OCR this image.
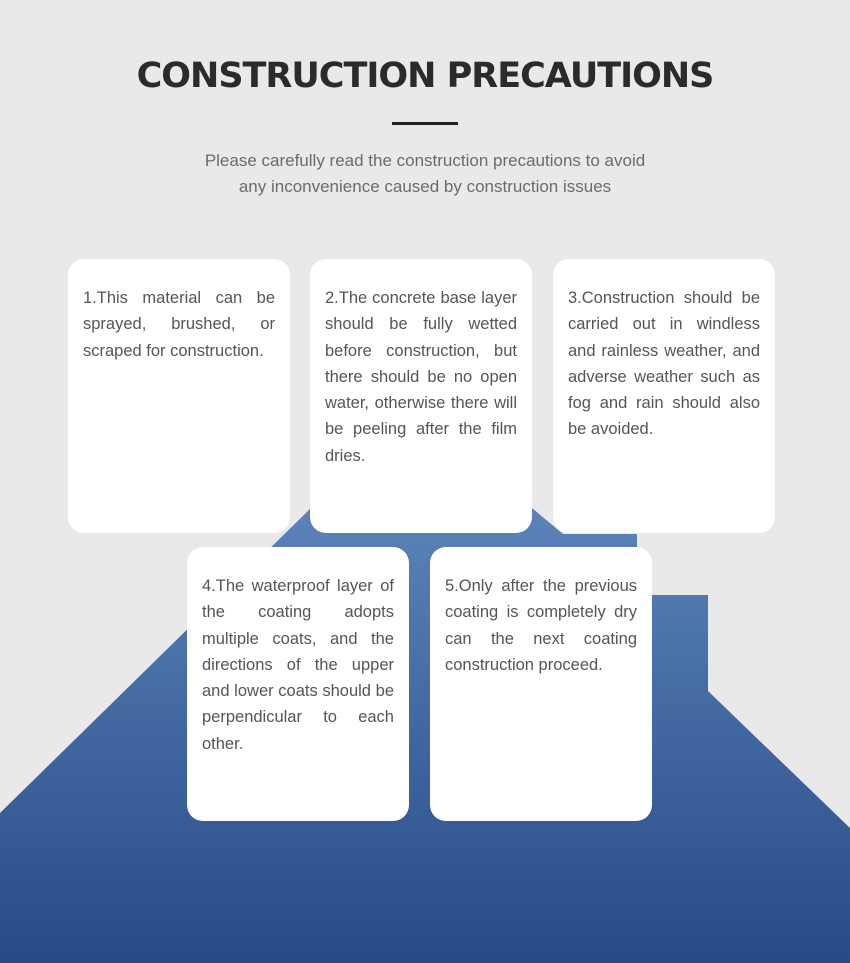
CONSTRUCTION PRECAUTIONS

Please carefully read the construction precautions to avoid
any inconvenience caused by construction issues

1.This material can be sprayed, brushed, or scraped for construction.

2.The concrete base layer should be fully wetted before construction, but there should be no open water, otherwise there will be peeling after the film dries.

3.Construction should be carried out in windless and rainless weather, and adverse weather such as fog and rain should also be avoided.

4.The waterproof layer of the coating adopts multiple coats, and the directions of the upper and lower coats should be perpendicular to each other.

5.Only after the previous coating is completely dry can the next coating construction proceed.
